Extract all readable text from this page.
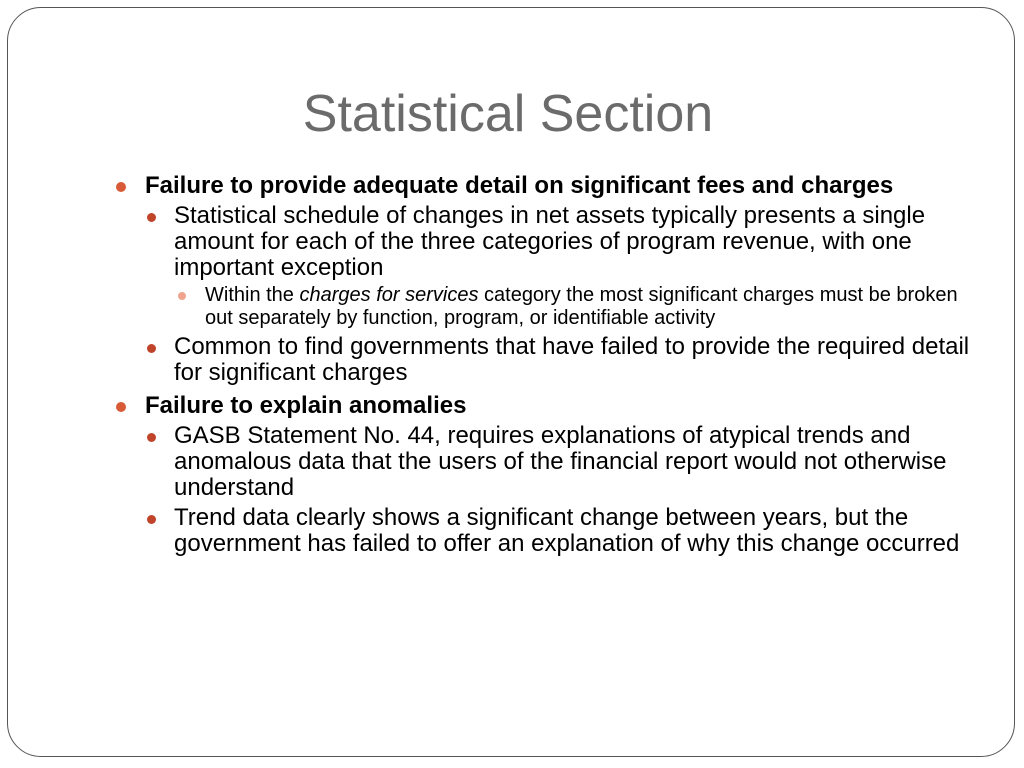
Statistical Section
Failure to provide adequate detail on significant fees and charges
Statistical schedule of changes in net assets typically presents a single amount for each of the three categories of program revenue, with one important exception
Within the charges for services category the most significant charges must be broken out separately by function, program, or identifiable activity
Common to find governments that have failed to provide the required detail for significant charges
Failure to explain anomalies
GASB Statement No. 44, requires explanations of atypical trends and anomalous data that the users of the financial report would not otherwise understand
Trend data clearly shows a significant change between years, but the government has failed to offer an explanation of why this change occurred
